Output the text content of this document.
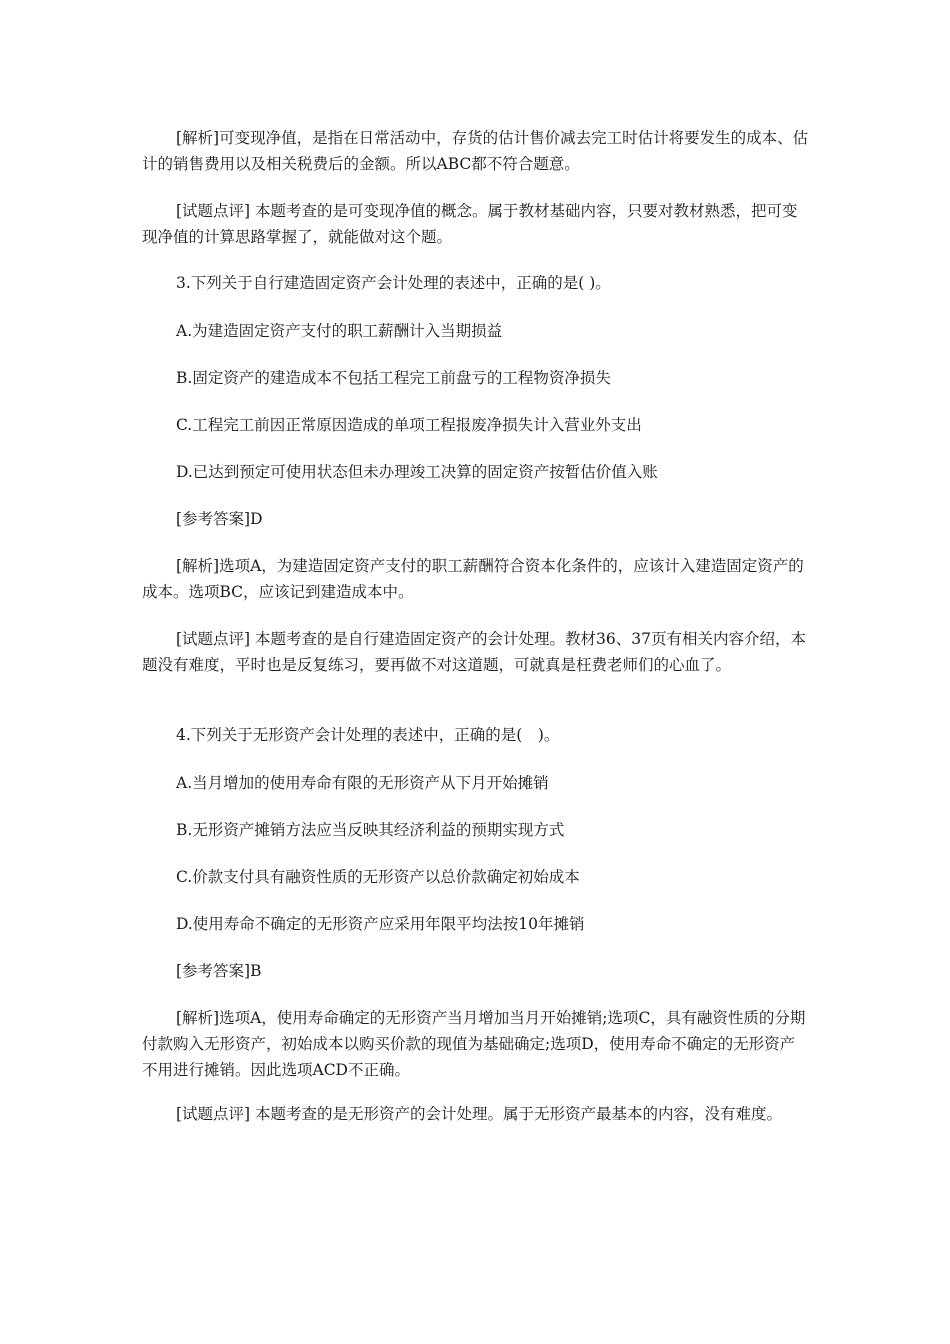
[解析]可变现净值，是指在日常活动中，存货的估计售价减去完工时估计将要发生的成本、估计的销售费用以及相关税费后的金额。所以ABC都不符合题意。

[试题点评] 本题考查的是可变现净值的概念。属于教材基础内容，只要对教材熟悉，把可变现净值的计算思路掌握了，就能做对这个题。

3.下列关于自行建造固定资产会计处理的表述中，正确的是( )。

A.为建造固定资产支付的职工薪酬计入当期损益

B.固定资产的建造成本不包括工程完工前盘亏的工程物资净损失

C.工程完工前因正常原因造成的单项工程报废净损失计入营业外支出

D.已达到预定可使用状态但未办理竣工决算的固定资产按暂估价值入账

[参考答案]D

[解析]选项A，为建造固定资产支付的职工薪酬符合资本化条件的，应该计入建造固定资产的成本。选项BC，应该记到建造成本中。

[试题点评] 本题考查的是自行建造固定资产的会计处理。教材36、37页有相关内容介绍，本题没有难度，平时也是反复练习，要再做不对这道题，可就真是枉费老师们的心血了。

4.下列关于无形资产会计处理的表述中，正确的是(　)。

A.当月增加的使用寿命有限的无形资产从下月开始摊销

B.无形资产摊销方法应当反映其经济利益的预期实现方式

C.价款支付具有融资性质的无形资产以总价款确定初始成本

D.使用寿命不确定的无形资产应采用年限平均法按10年摊销

[参考答案]B

[解析]选项A，使用寿命确定的无形资产当月增加当月开始摊销;选项C，具有融资性质的分期付款购入无形资产，初始成本以购买价款的现值为基础确定;选项D，使用寿命不确定的无形资产不用进行摊销。因此选项ACD不正确。

[试题点评] 本题考查的是无形资产的会计处理。属于无形资产最基本的内容，没有难度。
